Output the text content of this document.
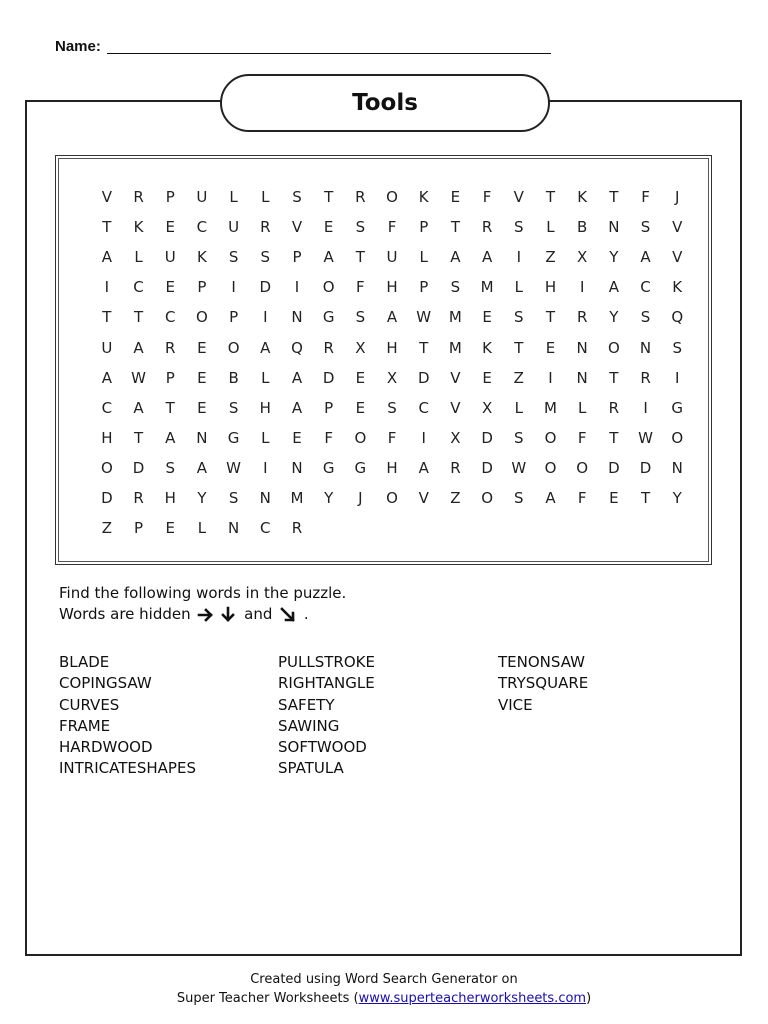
Name:
Tools
V	R	P	U	L	L	S	T	R	O	K	E	F	V	T	K	T	F	J
T	K	E	C	U	R	V	E	S	F	P	T	R	S	L	B	N	S	V
A	L	U	K	S	S	P	A	T	U	L	A	A	I	Z	X	Y	A	V
I	C	E	P	I	D	I	O	F	H	P	S	M	L	H	I	A	C	K
T	T	C	O	P	I	N	G	S	A	W	M	E	S	T	R	Y	S	Q
U	A	R	E	O	A	Q	R	X	H	T	M	K	T	E	N	O	N	S
A	W	P	E	B	L	A	D	E	X	D	V	E	Z	I	N	T	R	I
C	A	T	E	S	H	A	P	E	S	C	V	X	L	M	L	R	I	G
H	T	A	N	G	L	E	F	O	F	I	X	D	S	O	F	T	W	O
O	D	S	A	W	I	N	G	G	H	A	R	D	W	O	O	D	D	N
D	R	H	Y	S	N	M	Y	J	O	V	Z	O	S	A	F	E	T	Y
Z	P	E	L	N	C	R
Find the following words in the puzzle.
Words are hidden	and .
BLADE
COPINGSAW
CURVES
FRAME
HARDWOOD
INTRICATESHAPES
PULLSTROKE
RIGHTANGLE
SAFETY
SAWING
SOFTWOOD
SPATULA
TENONSAW
TRYSQUARE
VICE
Created using Word Search Generator on
Super Teacher Worksheets (www.superteacherworksheets.com)
